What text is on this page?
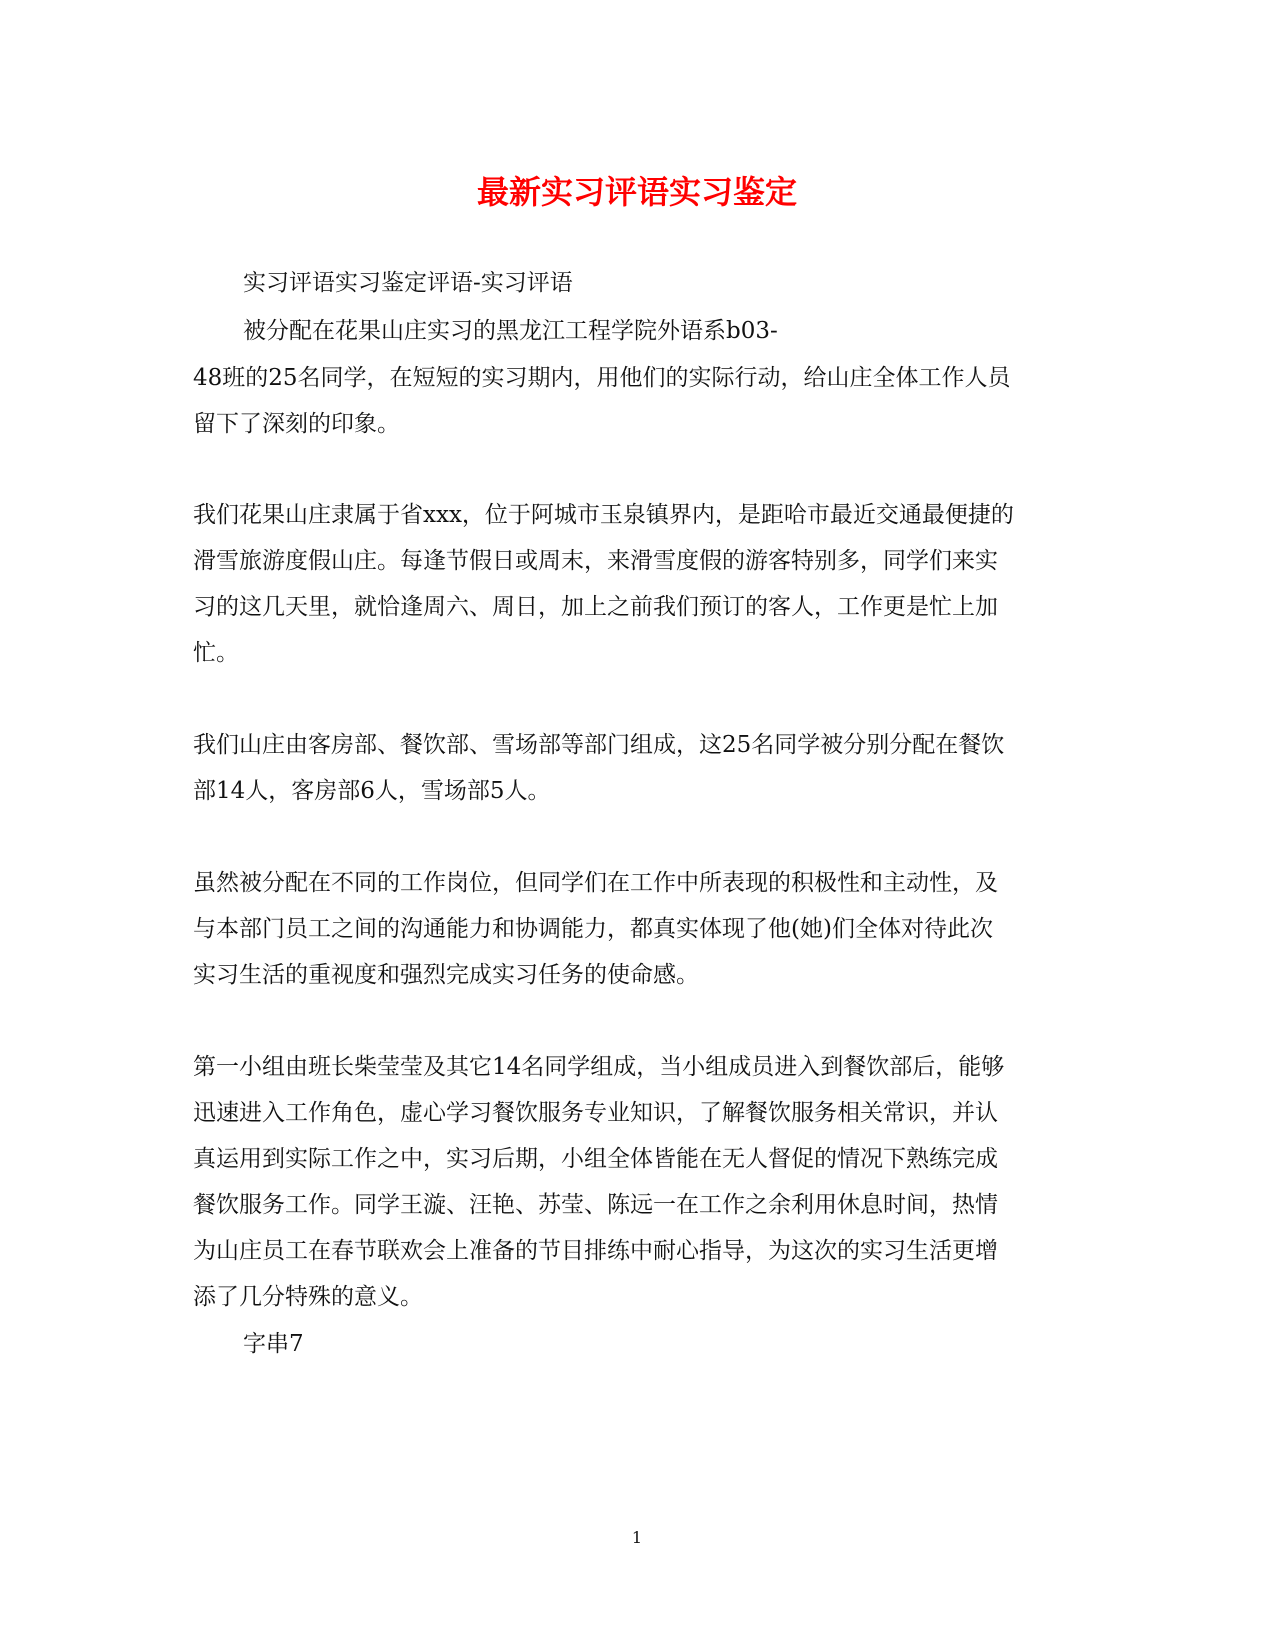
最新实习评语实习鉴定

实习评语实习鉴定评语-实习评语

被分配在花果山庄实习的黑龙江工程学院外语系b03-

48班的25名同学，在短短的实习期内，用他们的实际行动，给山庄全体工作人员

留下了深刻的印象。

我们花果山庄隶属于省xxx，位于阿城市玉泉镇界内，是距哈市最近交通最便捷的

滑雪旅游度假山庄。每逢节假日或周末，来滑雪度假的游客特别多，同学们来实

习的这几天里，就恰逢周六、周日，加上之前我们预订的客人，工作更是忙上加

忙。

我们山庄由客房部、餐饮部、雪场部等部门组成，这25名同学被分别分配在餐饮

部14人，客房部6人，雪场部5人。

虽然被分配在不同的工作岗位，但同学们在工作中所表现的积极性和主动性，及

与本部门员工之间的沟通能力和协调能力，都真实体现了他(她)们全体对待此次

实习生活的重视度和强烈完成实习任务的使命感。

第一小组由班长柴莹莹及其它14名同学组成，当小组成员进入到餐饮部后，能够

迅速进入工作角色，虚心学习餐饮服务专业知识，了解餐饮服务相关常识，并认

真运用到实际工作之中，实习后期，小组全体皆能在无人督促的情况下熟练完成

餐饮服务工作。同学王漩、汪艳、苏莹、陈远一在工作之余利用休息时间，热情

为山庄员工在春节联欢会上准备的节目排练中耐心指导，为这次的实习生活更增

添了几分特殊的意义。

字串7

1
